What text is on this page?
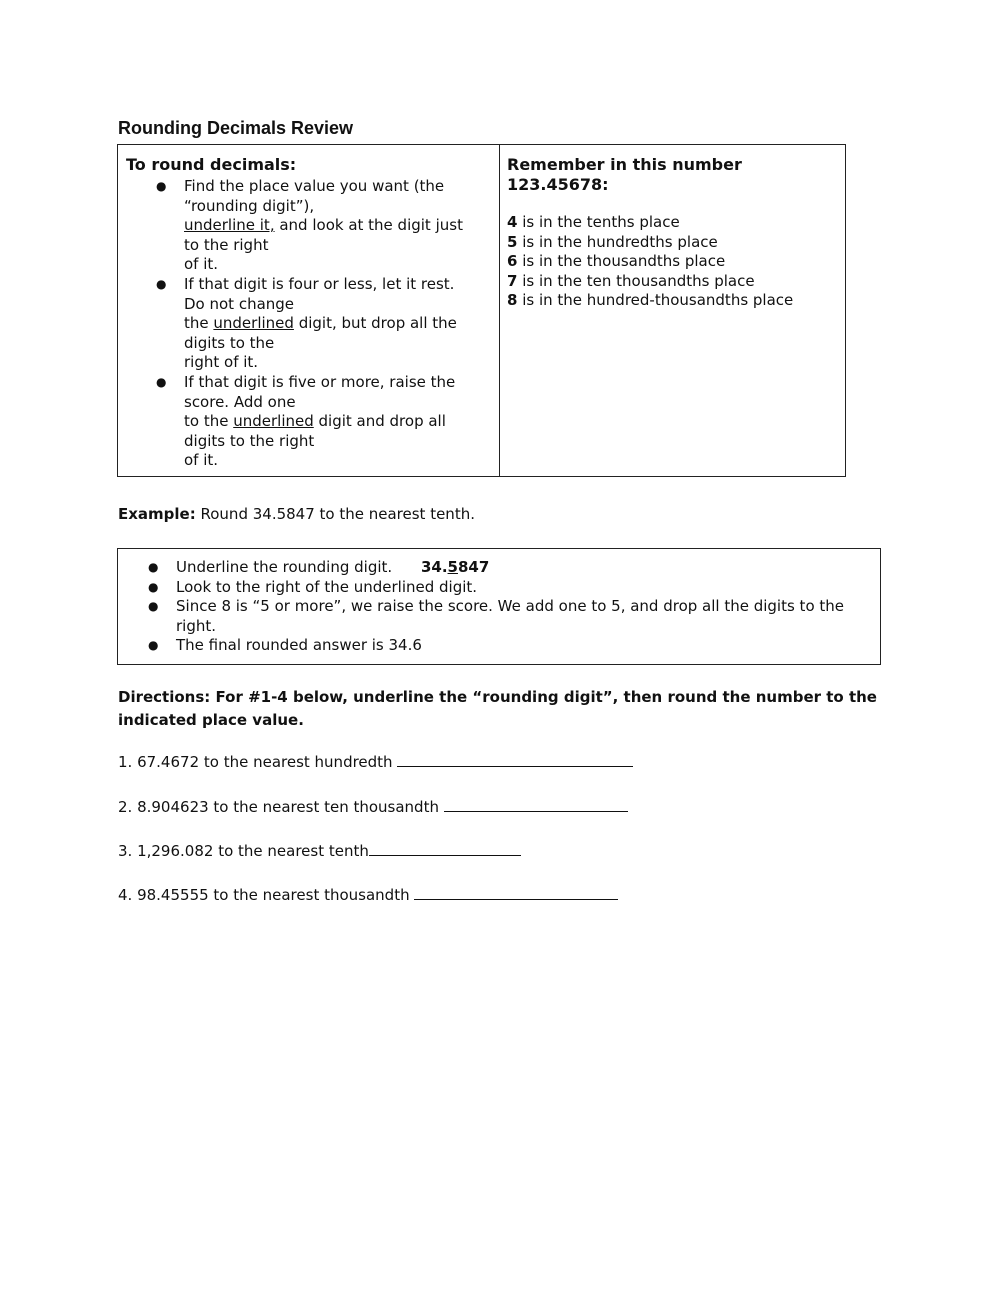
Rounding Decimals Review
To round decimals:
● Find the place value you want (the
“rounding digit”),
underline it, and look at the digit just
to the right
of it.
● If that digit is four or less, let it rest.
Do not change
the underlined digit, but drop all the
digits to the
right of it.
● If that digit is five or more, raise the
score. Add one
to the underlined digit and drop all
digits to the right
of it.
Remember in this number
123.45678:
4 is in the tenths place
5 is in the hundredths place
6 is in the thousandths place
7 is in the ten thousandths place
8 is in the hundred-thousandths place
Example: Round 34.5847 to the nearest tenth.
● Underline the rounding digit. 34.5847
● Look to the right of the underlined digit.
● Since 8 is “5 or more”, we raise the score. We add one to 5, and drop all the digits to the
right.
● The final rounded answer is 34.6
Directions: For #1-4 below, underline the “rounding digit”, then round the number to the
indicated place value.
1. 67.4672 to the nearest hundredth
2. 8.904623 to the nearest ten thousandth
3. 1,296.082 to the nearest tenth
4. 98.45555 to the nearest thousandth
